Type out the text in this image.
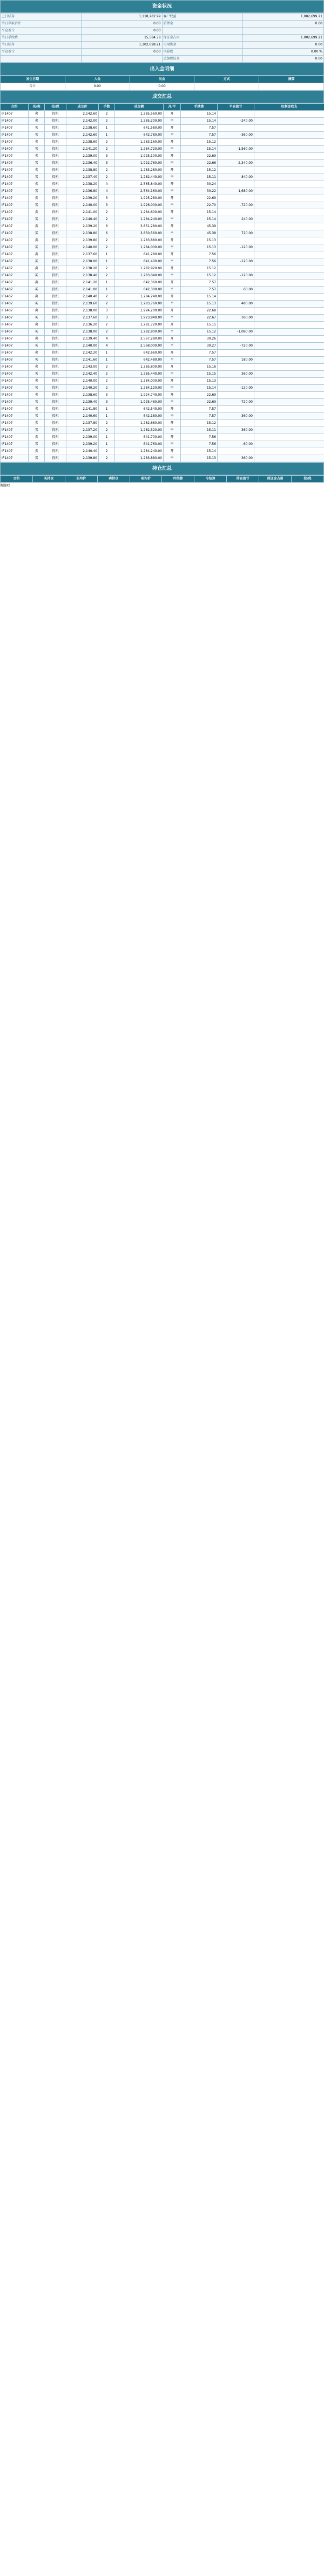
资金状况
上日结存	1,118,282.99	客户权益	1,002,699.21
当日存取合计	0.00	质押金	0.00
平仓盈亏	0.00		
当日手续费	15,584.78	保证金占用	1,002,699.21
当日结存	1,102,698.21	可用资金	0.00
平仓盈亏	0.00	风险度	0.00 %
		追加保证金	0.00
出入金明细
发生日期	入金	出金	方式	摘要
合计	0.00	0.00		
成交汇总
合约	买/卖	投/保	成交价	手数	成交额	开/平	手续费	平仓盈亏	权利金收支
IF1407	卖	投机	2,142.60	2	1,285,560.00	开	15.14		
IF1407	卖	投机	2,142.00	2	1,285,200.00	平	15.14	-240.00	
IF1407	买	投机	2,138.60	1	641,580.00	开	7.57		
IF1407	买	投机	2,142.60	1	642,780.00	平	7.57	-360.00	
IF1407	卖	投机	2,138.60	2	1,283,160.00	开	15.12		
IF1407	买	投机	2,141.20	2	1,284,720.00	平	15.14	-1,560.00	
IF1407	卖	投机	2,139.00	3	1,925,100.00	开	22.69		
IF1407	买	投机	2,136.40	3	1,922,760.00	平	22.66	2,340.00	
IF1407	卖	投机	2,138.80	2	1,283,280.00	开	15.12		
IF1407	买	投机	2,137.40	2	1,282,440.00	平	15.11	840.00	
IF1407	卖	投机	2,138.20	4	2,565,840.00	开	30.24		
IF1407	买	投机	2,136.80	4	2,564,160.00	平	30.22	1,680.00	
IF1407	卖	投机	2,139.20	3	1,925,280.00	开	22.69		
IF1407	买	投机	2,140.00	3	1,926,000.00	平	22.70	-720.00	
IF1407	卖	投机	2,141.00	2	1,284,600.00	开	15.14		
IF1407	买	投机	2,140.40	2	1,284,240.00	平	15.14	240.00	
IF1407	卖	投机	2,139.20	6	3,851,280.00	开	45.39		
IF1407	买	投机	2,138.80	6	3,850,560.00	平	45.38	720.00	
IF1407	卖	投机	2,139.80	2	1,283,880.00	开	15.13		
IF1407	买	投机	2,140.00	2	1,284,000.00	平	15.13	-120.00	
IF1407	卖	投机	2,137.60	1	641,280.00	开	7.56		
IF1407	买	投机	2,138.00	1	641,400.00	平	7.56	-120.00	
IF1407	卖	投机	2,138.20	2	1,282,920.00	开	15.12		
IF1407	买	投机	2,138.40	2	1,283,040.00	平	15.12	-120.00	
IF1407	卖	投机	2,141.20	1	642,360.00	开	7.57		
IF1407	买	投机	2,141.00	1	642,300.00	平	7.57	60.00	
IF1407	卖	投机	2,140.40	2	1,284,240.00	开	15.14		
IF1407	买	投机	2,139.60	2	1,283,760.00	平	15.13	480.00	
IF1407	卖	投机	2,138.00	3	1,924,200.00	开	22.68		
IF1407	买	投机	2,137.60	3	1,923,840.00	平	22.67	360.00	
IF1407	卖	投机	2,136.20	2	1,281,720.00	开	15.11		
IF1407	买	投机	2,138.00	2	1,282,800.00	平	15.12	-1,080.00	
IF1407	卖	投机	2,139.40	4	2,567,280.00	开	30.26		
IF1407	买	投机	2,140.00	4	2,568,000.00	平	30.27	-720.00	
IF1407	卖	投机	2,142.20	1	642,660.00	开	7.57		
IF1407	买	投机	2,141.60	1	642,480.00	平	7.57	180.00	
IF1407	卖	投机	2,143.00	2	1,285,800.00	开	15.16		
IF1407	买	投机	2,142.40	2	1,285,440.00	平	15.15	360.00	
IF1407	卖	投机	2,140.00	2	1,284,000.00	开	15.13		
IF1407	买	投机	2,140.20	2	1,284,120.00	平	15.14	-120.00	
IF1407	卖	投机	2,138.60	3	1,924,740.00	开	22.69		
IF1407	买	投机	2,139.40	3	1,925,460.00	平	22.69	-720.00	
IF1407	卖	投机	2,141.80	1	642,540.00	开	7.57		
IF1407	买	投机	2,140.60	1	642,180.00	平	7.57	360.00	
IF1407	卖	投机	2,137.80	2	1,282,680.00	开	15.12		
IF1407	买	投机	2,137.20	2	1,282,320.00	平	15.11	360.00	
IF1407	卖	投机	2,139.00	1	641,700.00	开	7.56		
IF1407	买	投机	2,139.20	1	641,760.00	平	7.56	-60.00	
IF1407	卖	投机	2,140.40	2	1,284,240.00	开	15.14		
IF1407	买	投机	2,139.80	2	1,283,880.00	平	15.13	360.00	
持仓汇总
合约	买持仓	买均价	卖持仓	卖均价	昨结算	今结算	持仓盈亏	保证金占用	投/保
淘股吧
